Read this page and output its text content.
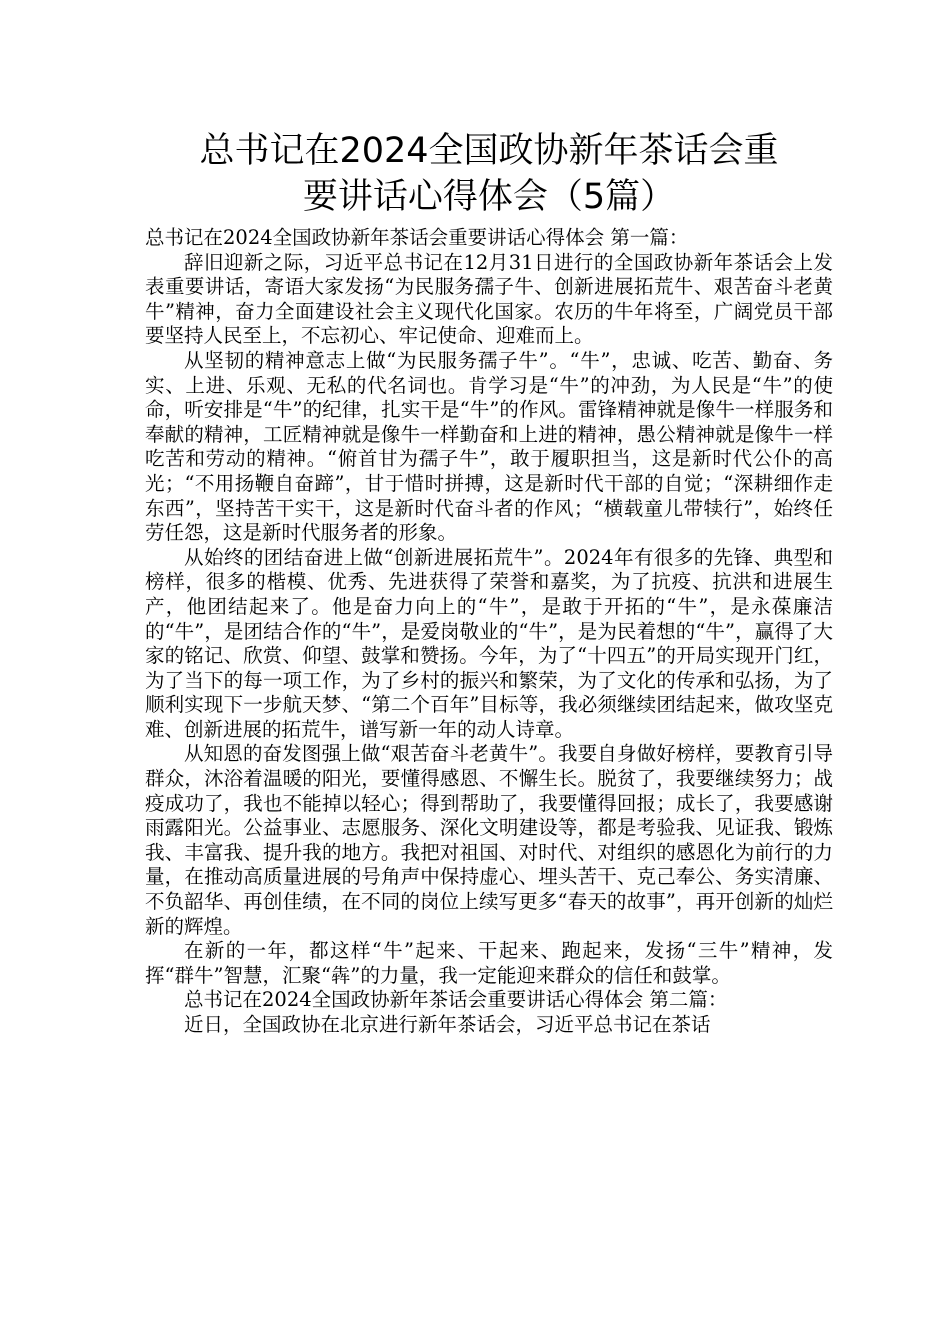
总书记在2024全国政协新年茶话会重
要讲话心得体会（5篇）

总书记在2024全国政协新年茶话会重要讲话心得体会 第一篇：

辞旧迎新之际，习近平总书记在12月31日进行的全国政协新年茶话会上发表重要讲话，寄语大家发扬“为民服务孺子牛、创新进展拓荒牛、艰苦奋斗老黄牛”精神，奋力全面建设社会主义现代化国家。农历的牛年将至，广阔党员干部要坚持人民至上，不忘初心、牢记使命、迎难而上。

从坚韧的精神意志上做“为民服务孺子牛”。“牛”，忠诚、吃苦、勤奋、务实、上进、乐观、无私的代名词也。肯学习是“牛”的冲劲，为人民是“牛”的使命，听安排是“牛”的纪律，扎实干是“牛”的作风。雷锋精神就是像牛一样服务和奉献的精神，工匠精神就是像牛一样勤奋和上进的精神，愚公精神就是像牛一样吃苦和劳动的精神。“俯首甘为孺子牛”，敢于履职担当，这是新时代公仆的高光；“不用扬鞭自奋蹄”，甘于惜时拼搏，这是新时代干部的自觉；“深耕细作走东西”，坚持苦干实干，这是新时代奋斗者的作风；“横载童儿带犊行”，始终任劳任怨，这是新时代服务者的形象。

从始终的团结奋进上做“创新进展拓荒牛”。2024年有很多的先锋、典型和榜样，很多的楷模、优秀、先进获得了荣誉和嘉奖，为了抗疫、抗洪和进展生产，他团结起来了。他是奋力向上的“牛”，是敢于开拓的“牛”，是永葆廉洁的“牛”，是团结合作的“牛”，是爱岗敬业的“牛”，是为民着想的“牛”，赢得了大家的铭记、欣赏、仰望、鼓掌和赞扬。今年，为了“十四五”的开局实现开门红，为了当下的每一项工作，为了乡村的振兴和繁荣，为了文化的传承和弘扬，为了顺利实现下一步航天梦、“第二个百年”目标等，我必须继续团结起来，做攻坚克难、创新进展的拓荒牛，谱写新一年的动人诗章。

从知恩的奋发图强上做“艰苦奋斗老黄牛”。我要自身做好榜样，要教育引导群众，沐浴着温暖的阳光，要懂得感恩、不懈生长。脱贫了，我要继续努力；战疫成功了，我也不能掉以轻心；得到帮助了，我要懂得回报；成长了，我要感谢雨露阳光。公益事业、志愿服务、深化文明建设等，都是考验我、见证我、锻炼我、丰富我、提升我的地方。我把对祖国、对时代、对组织的感恩化为前行的力量，在推动高质量进展的号角声中保持虚心、埋头苦干、克己奉公、务实清廉、不负韶华、再创佳绩，在不同的岗位上续写更多“春天的故事”，再开创新的灿烂新的辉煌。

在新的一年，都这样“牛”起来、干起来、跑起来，发扬“三牛”精神，发挥“群牛”智慧，汇聚“犇”的力量，我一定能迎来群众的信任和鼓掌。

总书记在2024全国政协新年茶话会重要讲话心得体会 第二篇：

近日，全国政协在北京进行新年茶话会，习近平总书记在茶话
